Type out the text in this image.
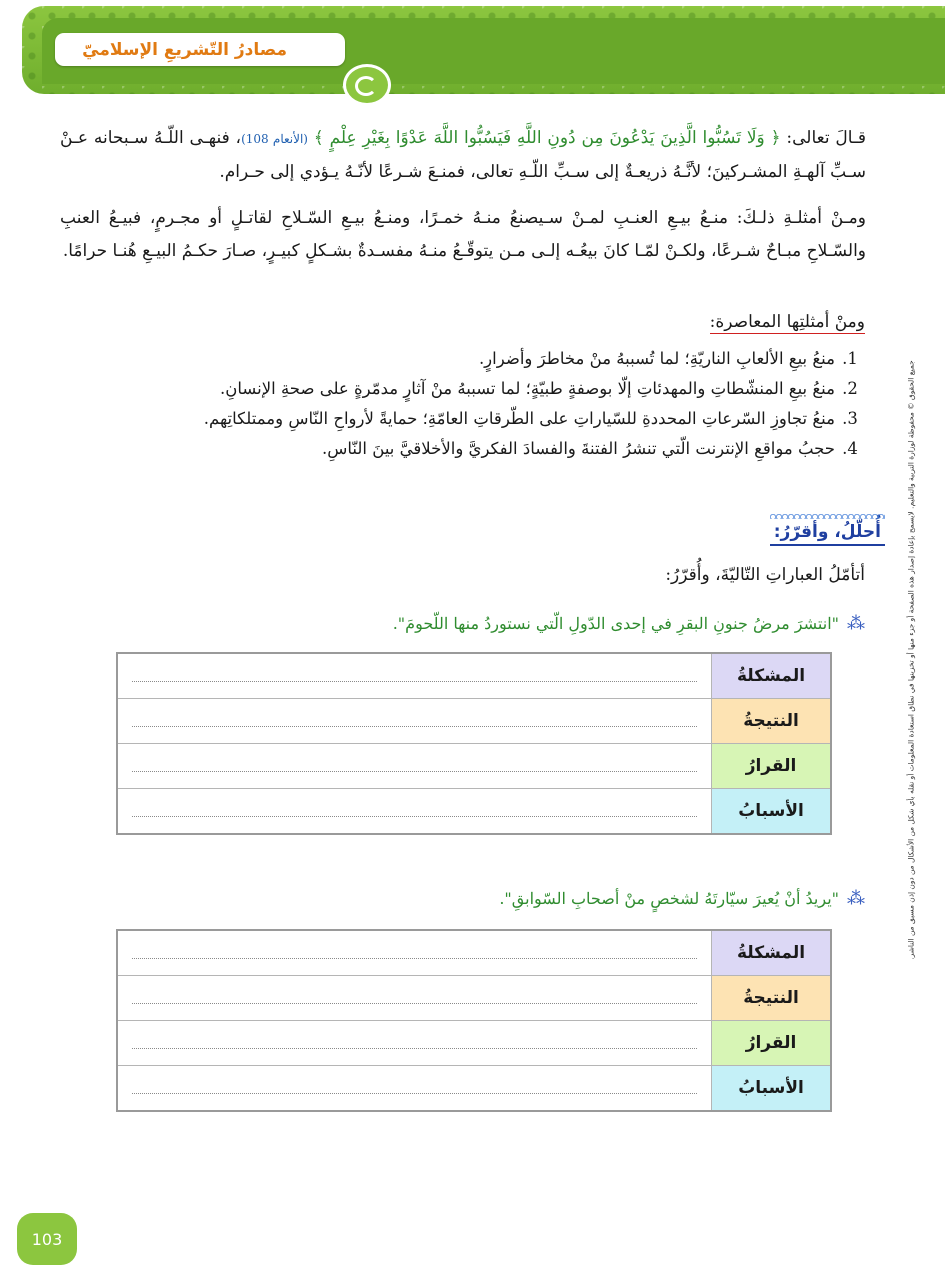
مصادرُ التّشريعِ الإسلاميّ
قـالَ تعالى: ﴿ وَلَا تَسُبُّوا الَّذِينَ يَدْعُونَ مِن دُونِ اللَّهِ فَيَسُبُّوا اللَّهَ عَدْوًا بِغَيْرِ عِلْمٍ ﴾ (الأنعام 108)، فنهـى اللّـهُ سـبحانه عـنْ سـبِّ آلهـةِ المشـركينَ؛ لأنَّـهُ ذريعـةٌ إلى سـبِّ اللّـهِ تعالى، فمنـعَ شـرعًا لأنّـهُ يـؤدي إلى حـرام.
ومـنْ أمثلـةِ ذلـكَ: منـعُ بيـعِ العنـبِ لمـنْ سـيصنعُ منـهُ خمـرًا، ومنـعُ بيـعِ السّـلاحِ لقاتـلٍ أو مجـرمٍ، فبيـعُ العنبِ والسّـلاحِ مبـاحٌ شـرعًا، ولكـنْ لمّـا كانَ بيعُـه إلـى مـن يتوقّـعُ منـهُ مفسـدةٌ بشـكلٍ كبيـرٍ، صـارَ حكـمُ البيـعِ هُنـا حرامًا.
ومنْ أمثلتِها المعاصرة:
1.منعُ بيعِ الألعابِ الناريّةِ؛ لما تُسببهُ منْ مخاطرَ وأضرارٍ.
2.منعُ بيعِ المنشّطاتِ والمهدئاتِ إلّا بوصفةٍ طبيّةٍ؛ لما تسببهُ منْ آثارٍ مدمّرةٍ على صحةِ الإنسانِ.
3.منعُ تجاوزِ السّرعاتِ المحددةِ للسّياراتِ على الطّرقاتِ العامّةِ؛ حمايةً لأرواحِ النّاسِ وممتلكاتِهم.
4.حجبُ مواقعِ الإنترنت الّتي تنشرُ الفتنةَ والفسادَ الفكريَّ والأخلاقيَّ بينَ النّاسِ.
أُحلّلُ، وأقرّرُ:
أتأمّلُ العباراتِ التّاليّةَ، وأُقرّرُ:
⁂"انتشرَ مرضُ جنونِ البقرِ في إحدى الدّولِ الّتي نستوردُ منها اللّحومَ".
المشكلةُ
النتيجةُ
القرارُ
الأسبابُ
⁂"يريدُ أنْ يُعيرَ سيّارتَهُ لشخصٍ منْ أصحابِ السّوابقِ".
المشكلةُ
النتيجةُ
القرارُ
الأسبابُ
جميع الحقوق © محفوظة لوزارة التربية والتعليم. لايسمح بإعادة إصدار هذه الصفحة أو جزء منها أو تخزينها في نطاق استعادة المعلومات أو نقله بأي شكل من الأشكال من دون إذن مسبق من الناشر.
103
